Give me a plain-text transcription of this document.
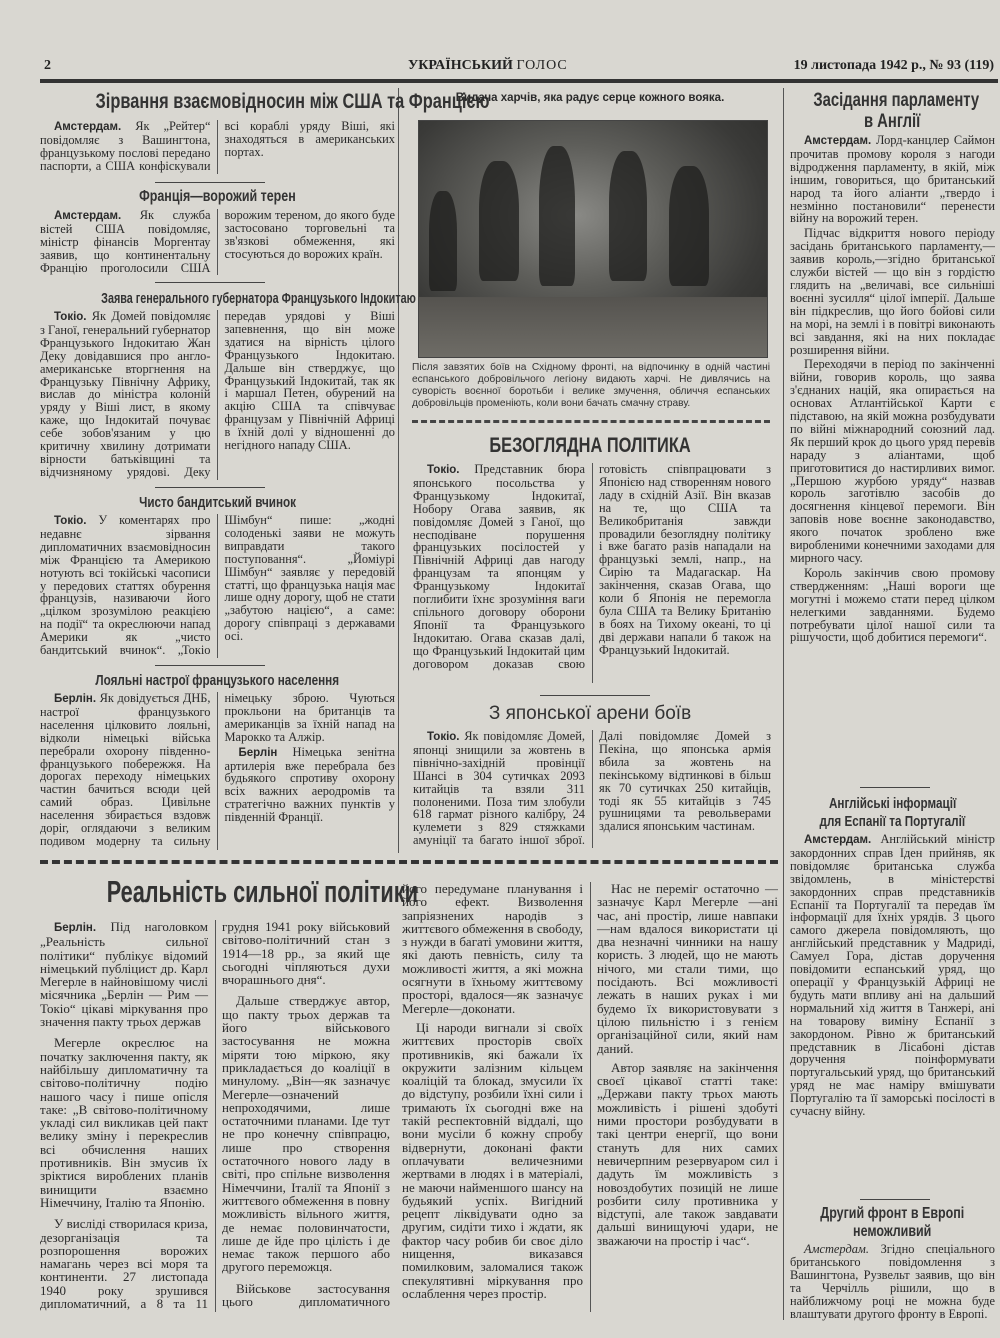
2	УКРАЇНСЬКИЙ ГОЛОС	19 листопада 1942 р., № 93 (119)
Зірвання взаємовідносин між США та Францією

Амстердам. Як „Рейтер“ повідомляє з Вашингтона, французькому послові передано паспорти, а США конфіскували всі кораблі уряду Віші, які знаходяться в американських портах.

Франція—ворожий терен

Амстердам. Як служба вістей США повідомляє, міністр фінансів Моргентау заявив, що континентальну Францію проголосили США ворожим тереном, до якого буде застосовано торговельні та зв'язкові обмеження, які стосуються до ворожих країн.

Заява генерального губернатора Французького Індокитаю

Токіо. Як Домей повідомляє з Ганої, генеральний губернатор Французького Індокитаю Жан Деку довідавшися про англо-американське вторгнення на Французьку Північну Африку, вислав до міністра колоній уряду у Віші лист, в якому каже, що Індокитай почуває себе зобов'язаним у цю критичну хвилину дотримати вірности батьківщині та відчизняному урядові. Деку передав урядові у Віші запевнення, що він може здатися на вірність цілого Французького Індокитаю. Дальше він стверджує, що Французький Індокитай, так як і маршал Петен, обурений на акцію США та співчуває французам у Північній Африці в їхній долі у відношенні до негідного нападу США.

Чисто бандитський вчинок

Токіо. У коментарях про недавнє зірвання дипломатичних взаємовідносин між Францією та Америкою нотують всі токійські часописи у передових статтях обурення французів, називаючи його „цілком зрозумілою реакцією на події“ та окреслюючи напад Америки як „чисто бандитський вчинок“. „Токіо Шімбун“ пише: „жодні солоденькі заяви не можуть виправдати такого поступовання“. „Йоміурі Шімбун“ заявляє у передовій статті, що французька нація має лише одну дорогу, щоб не стати „забутою нацією“, а саме: дорогу співпраці з державами осі.

Лояльні настрої французького населення

Берлін. Як довідується ДНБ, настрої французького населення цілковито лояльні, відколи німецькі війська перебрали охорону південно-французького побережжя. На дорогах переходу німецьких частин бачиться всюди цей самий образ. Цивільне населення збирається вздовж доріг, оглядаючи з великим подивом модерну та сильну німецьку зброю. Чуються прокльони на британців та американців за їхній напад на Марокко та Алжір.

Берлін Німецька зенітна артилерія вже перебрала без будьякого спротиву охорону всіх важних аеродромів та стратегічно важних пунктів у південній Франції.

Видача харчів, яка радує серце кожного вояка.
Після завзятих боїв на Східному фронті, на відпочинку в одній частині еспанського добровільчого легіону видають харчі. Не дивлячись на суворість воєнної боротьби і велике змучення, обличчя еспанських добровільців променіють, коли вони бачать смачну страву.
БЕЗОГЛЯДНА ПОЛІТИКА

Токіо. Представник бюра японського посольства у Французькому Індокитаї, Нобору Огава заявив, як повідомляє Домей з Ганої, що несподіване порушення французьких посілостей у Північній Африці дав нагоду французам та японцям у Французькому Індокитаї поглибити їхнє зрозуміння ваги спільного договору оборони Японії та Французького Індокитаю. Огава сказав далі, що Французький Індокитай цим договором доказав свою готовість співпрацювати з Японією над створенням нового ладу в східній Азії. Він вказав на те, що США та Великобританія завжди провадили безоглядну політику і вже багато разів нападали на французькі землі, напр., на Сирію та Мадагаскар. На закінчення, сказав Огава, що коли б Японія не перемогла була США та Велику Британію в боях на Тихому океані, то ці дві держави напали б також на Французький Індокитай.

З японської арени боїв

Токіо. Як повідомляє Домей, японці знищили за жовтень в північно-західній провінції Шансі в 304 сутичках 2093 китайців та взяли 311 полоненими. Поза тим злобули 618 гармат різного калібру, 24 кулемети з 829 стяжками амуніції та багато іншої зброї. Далі повідомляє Домей з Пекіна, що японська армія вбила за жовтень на пекінському відтинкові в більш як 70 сутичках 250 китайців, тоді як 55 китайців з 745 рушницями та револьверами здалися японським частинам.

Засідання парламенту
в Англії

Амстердам. Лорд-канцлер Саймон прочитав промову короля з нагоди відродження парламенту, в якій, між іншим, говориться, що британський народ та його аліанти „твердо і незмінно постановили“ перенести війну на ворожий терен.

Підчас відкриття нового періоду засідань британського парламенту,—заявив король,—згідно британської служби вістей — що він з гордістю глядить на „величаві, все сильніші воєнні зусилля“ цілої імперії. Дальше він підкреслив, що його бойові сили на морі, на землі і в повітрі виконають всі завдання, які на них покладає розширення війни.

Переходячи в період по закінченні війни, говорив король, що заява з'єднаних націй, яка опирається на основах Атлантійської Карти є підставою, на якій можна розбудувати по війні міжнародний союзний лад. Як перший крок до цього уряд перевів нараду з аліантами, щоб приготовитися до настирливих вимог. „Першою журбою уряду“ назвав король заготівлю засобів до досягнення кінцевої перемоги. Він заповів нове воєнне законодавство, якого початок зроблено вже виробленими конечними заходами для мирного часу.

Король закінчив свою промову ствердженням: „Наші вороги ще могутні і можемо стати перед цілком нелегкими завданнями. Будемо потребувати цілої нашої сили та рішучости, щоб добитися перемоги“.

Англійські інформації
для Еспанії та Португалії

Амстердам. Англійський міністр закордонних справ Іден прийняв, як повідомляє британська служба звідомлень, в міністерстві закордонних справ представників Еспанії та Португалії та передав їм інформації для їхніх урядів. З цього самого джерела повідомляють, що англійський представник у Мадриді, Самуел Гора, дістав доручення повідомити еспанський уряд, що операції у Французькій Африці не будуть мати впливу ані на дальший нормальний хід життя в Танжері, ані на товарову виміну Еспанії з закордоном. Рівно ж британський представник в Лісабоні дістав доручення поінформувати португальський уряд, що британський уряд не має наміру вмішувати Португалію та її заморські посілості в сучасну війну.

Другий фронт в Европі
неможливий

Амстердам. Згідно спеціального британського повідомлення з Вашингтона, Рузвельт заявив, що він та Черчілль рішили, що в найближчому році не можна буде влаштувати другого фронту в Европі.

Реальність сильної політики

Берлін. Під наголовком „Реальність сильної політики“ публікує відомий німецький публіцист др. Карл Мегерле в найновішому числі місячника „Берлін — Рим — Токіо“ цікаві міркування про значення пакту трьох держав

Мегерле окреслює на початку заключення пакту, як найбільшу дипломатичну та світово-політичну подію нашого часу і пише опісля таке: „В світово-політичному укладі сил викликав цей пакт велику зміну і перекреслив всі обчислення наших противників. Він змусив їх зріктися вироблених планів винищити взаємно Німеччину, Італію та Японію.

У висліді створилася криза, дезорганізація та розпорошення ворожих намагань через всі моря та континенти. 27 листопада 1940 року зрушився дипломатичний, а 8 та 11 грудня 1941 року військовий світово-політичний стан з 1914—18 рр., за який ще сьогодні чіпляються духи вчорашнього дня“.

Дальше стверджує автор, що пакту трьох держав та його військового застосування не можна міряти тою міркою, яку прикладається до коаліції в минулому. „Він—як зазначує Мегерле—означений непроходячими, лише остаточними планами. Іде тут не про конечну співпрацю, лише про створення остаточного нового ладу в світі, про спільне визволення Німеччини, Італії та Японії з життєвого обмеження в повну можливість вільного життя, де немає половинчатости, лише де йде про цілість і де немає також першого або другого переможця.

Військове застосування цього дипломатичного

його передумане планування і його ефект. Визволення запріязнених народів з життєвого обмеження в свободу, з нужди в багаті умовини життя, які дають певність, силу та можливості життя, а які можна осягнути в їхньому життєвому просторі, вдалося—як зазначує Мегерле—доконати.

Ці народи вигнали зі своїх життєвих просторів своїх противників, які бажали їх окружити залізним кільцем коаліцій та блокад, змусили їх до відступу, розбили їхні сили і тримають їх сьогодні вже на такій респектовній віддалі, що вони мусіли б кожну спробу відвернути, доконані факти оплачувати величезними жертвами в людях і в матеріалі, не маючи найменшого шансу на будьякий успіх. Вигідний рецепт ліквідувати одно за другим, сидіти тихо і ждати, як фактор часу робив би своє діло нищення, виказався помилковим, заломалися також спекулятивні міркування про ослаблення через простір.

Нас не переміг остаточно —зазначує Карл Мегерле —ані час, ані простір, лише навпаки—нам вдалося використати ці два незначні чинники на нашу користь. З людей, що не мають нічого, ми стали тими, що посідають. Всі можливості лежать в наших руках і ми будемо їх використовувати з цілою пильністю і з генієм організаційної сили, який нам даний.

Автор заявляє на закінчення своєї цікавої статті таке: „Держави пакту трьох мають можливість і рішені здобуті ними простори розбудувати в такі центри енергії, що вони стануть для них самих невичерпним резервуаром сил і дадуть їм можливість з новоздобутих позицій не лише розбити силу противника у відступі, але також завдавати дальші винищуючі удари, не зважаючи на простір і час“.
